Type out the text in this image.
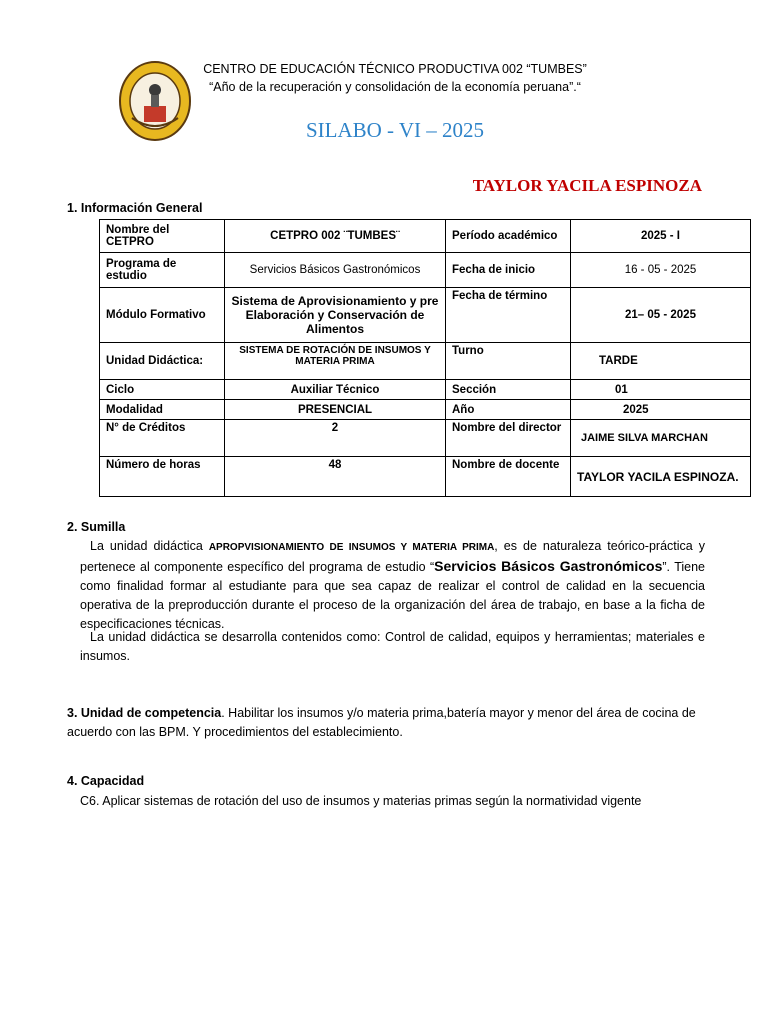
CENTRO DE EDUCACIÓN TÉCNICO PRODUCTIVA 002 “TUMBES”
“Año de la recuperación y consolidación de la economía peruana”.“
SILABO - VI – 2025
TAYLOR YACILA ESPINOZA
1. Información General
Nombre del CETPRO	CETPRO 002 ¨TUMBES¨	Período académico	2025 - I
Programa de estudio	Servicios Básicos Gastronómicos	Fecha de inicio	16 - 05 - 2025
Módulo Formativo	Sistema de Aprovisionamiento y pre Elaboración y Conservación de Alimentos	Fecha de término	21– 05 - 2025
Unidad Didáctica:	SISTEMA DE ROTACIÓN DE INSUMOS Y MATERIA PRIMA	Turno	TARDE
Ciclo	Auxiliar Técnico	Sección	01
Modalidad	PRESENCIAL	Año	2025
N° de Créditos	2	Nombre del director	JAIME SILVA MARCHAN
Número de horas	48	Nombre de docente	TAYLOR YACILA ESPINOZA.
2. Sumilla
La unidad didáctica APROPVISIONAMIENTO DE INSUMOS Y MATERIA PRIMA, es de naturaleza teórico-práctica y pertenece al componente específico del programa de estudio “Servicios Básicos Gastronómicos”. Tiene como finalidad formar al estudiante para que sea capaz de realizar el control de calidad en la secuencia operativa de la preproducción durante el proceso de la organización del área de trabajo, en base a la ficha de especificaciones técnicas.
La unidad didáctica se desarrolla contenidos como: Control de calidad, equipos y herramientas; materiales e insumos.
3. Unidad de competencia. Habilitar los insumos y/o materia prima,batería mayor y menor del área de cocina de acuerdo con las BPM. Y procedimientos del establecimiento.
4. Capacidad
C6. Aplicar sistemas de rotación del uso de insumos y materias primas según la normatividad vigente
